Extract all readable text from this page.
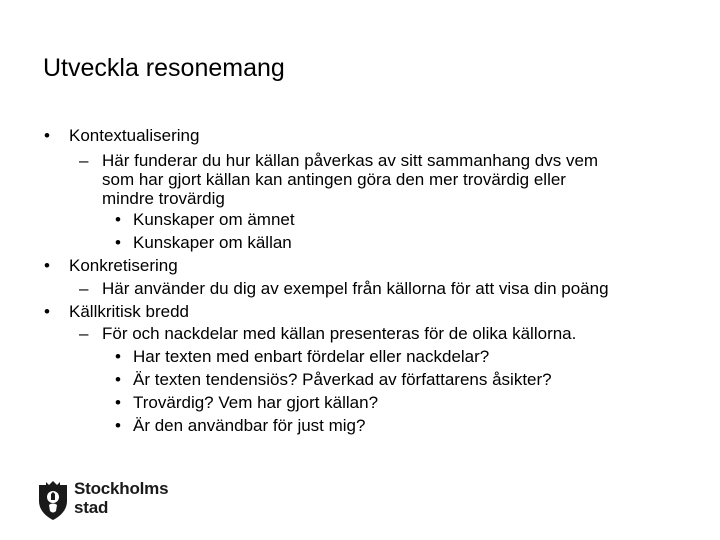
Utveckla resonemang
• Kontextualisering
– Här funderar du hur källan påverkas av sitt sammanhang dvs vem
som har gjort källan kan antingen göra den mer trovärdig eller
mindre trovärdig
• Kunskaper om ämnet
• Kunskaper om källan
• Konkretisering
– Här använder du dig av exempel från källorna för att visa din poäng
• Källkritisk bredd
– För och nackdelar med källan presenteras för de olika källorna.
• Har texten med enbart fördelar eller nackdelar?
• Är texten tendensiös? Påverkad av författarens åsikter?
• Trovärdig? Vem har gjort källan?
• Är den användbar för just mig?
Stockholms
stad
